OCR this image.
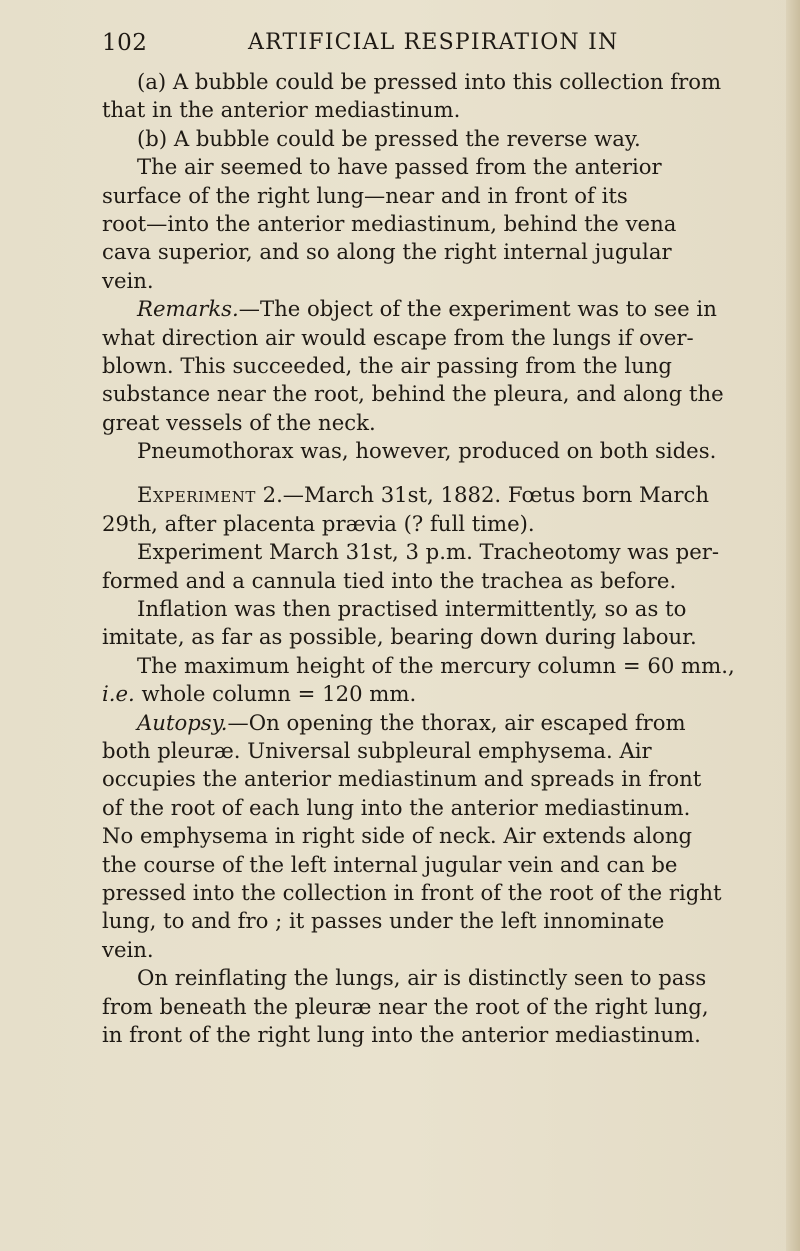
102	ARTIFICIAL RESPIRATION IN
(a) A bubble could be pressed into this collection from
that in the anterior mediastinum.
(b) A bubble could be pressed the reverse way.
The air seemed to have passed from the anterior
surface of the right lung—near and in front of its
root—into the anterior mediastinum, behind the vena
cava superior, and so along the right internal jugular
vein.
Remarks.—The object of the experiment was to see in
what direction air would escape from the lungs if over-
blown. This succeeded, the air passing from the lung
substance near the root, behind the pleura, and along the
great vessels of the neck.
Pneumothorax was, however, produced on both sides.
Experiment 2.—March 31st, 1882. Fœtus born March
29th, after placenta prævia (? full time).
Experiment March 31st, 3 p.m. Tracheotomy was per-
formed and a cannula tied into the trachea as before.
Inflation was then practised intermittently, so as to
imitate, as far as possible, bearing down during labour.
The maximum height of the mercury column = 60 mm.,
i.e. whole column = 120 mm.
Autopsy.—On opening the thorax, air escaped from
both pleuræ. Universal subpleural emphysema. Air
occupies the anterior mediastinum and spreads in front
of the root of each lung into the anterior mediastinum.
No emphysema in right side of neck. Air extends along
the course of the left internal jugular vein and can be
pressed into the collection in front of the root of the right
lung, to and fro ; it passes under the left innominate
vein.
On reinflating the lungs, air is distinctly seen to pass
from beneath the pleuræ near the root of the right lung,
in front of the right lung into the anterior mediastinum.
